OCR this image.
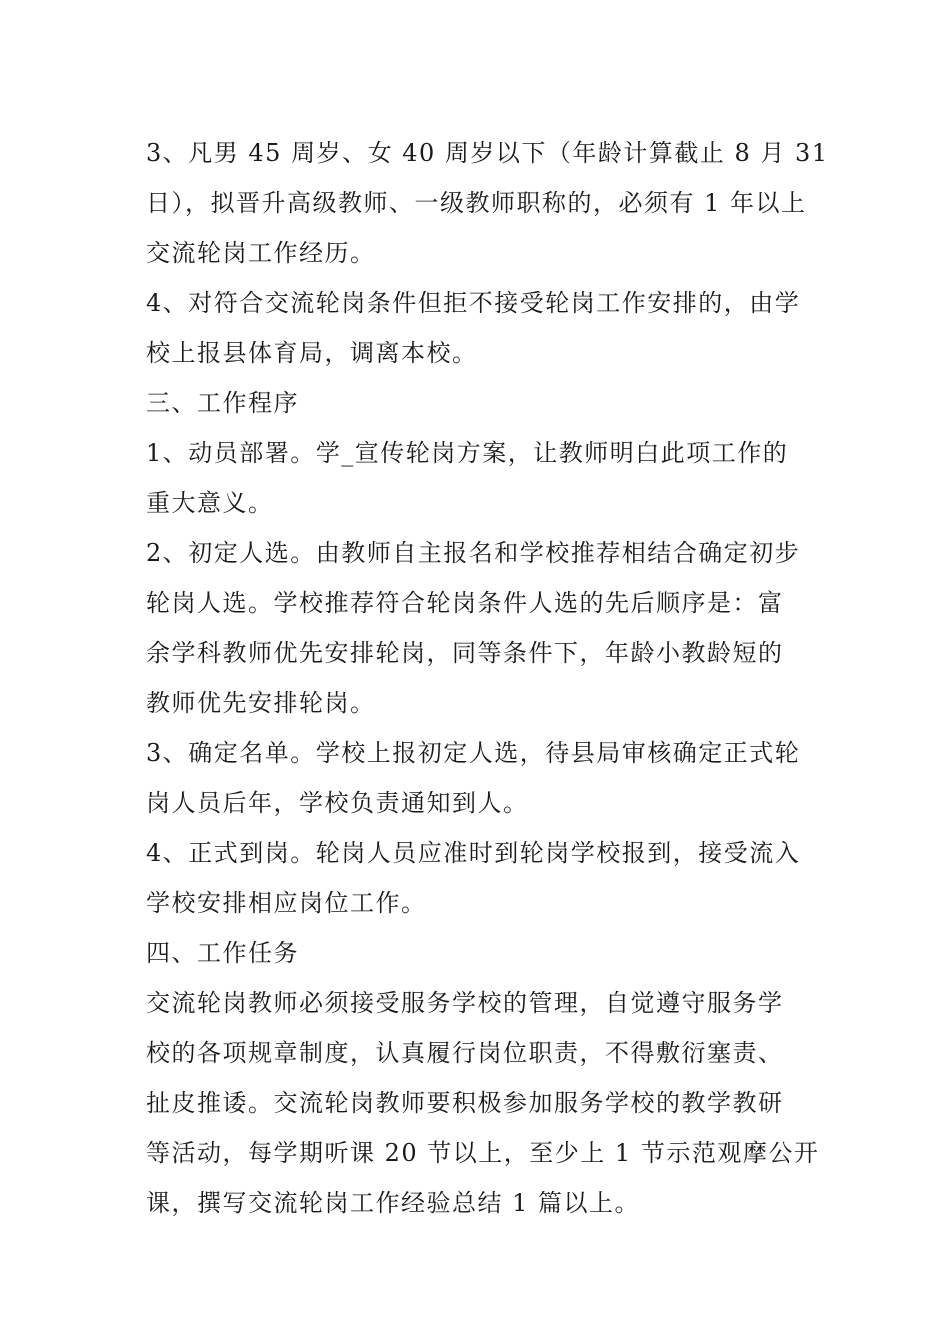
3、凡男 45 周岁、女 40 周岁以下（年龄计算截止 8 月 31

日），拟晋升高级教师、一级教师职称的，必须有 1 年以上

交流轮岗工作经历。

4、对符合交流轮岗条件但拒不接受轮岗工作安排的，由学

校上报县体育局，调离本校。

三、工作程序

1、动员部署。学_宣传轮岗方案，让教师明白此项工作的

重大意义。

2、初定人选。由教师自主报名和学校推荐相结合确定初步

轮岗人选。学校推荐符合轮岗条件人选的先后顺序是：富

余学科教师优先安排轮岗，同等条件下，年龄小教龄短的

教师优先安排轮岗。

3、确定名单。学校上报初定人选，待县局审核确定正式轮

岗人员后年，学校负责通知到人。

4、正式到岗。轮岗人员应准时到轮岗学校报到，接受流入

学校安排相应岗位工作。

四、工作任务

交流轮岗教师必须接受服务学校的管理，自觉遵守服务学

校的各项规章制度，认真履行岗位职责，不得敷衍塞责、

扯皮推诿。交流轮岗教师要积极参加服务学校的教学教研

等活动，每学期听课 20 节以上，至少上 1 节示范观摩公开

课，撰写交流轮岗工作经验总结 1 篇以上。
